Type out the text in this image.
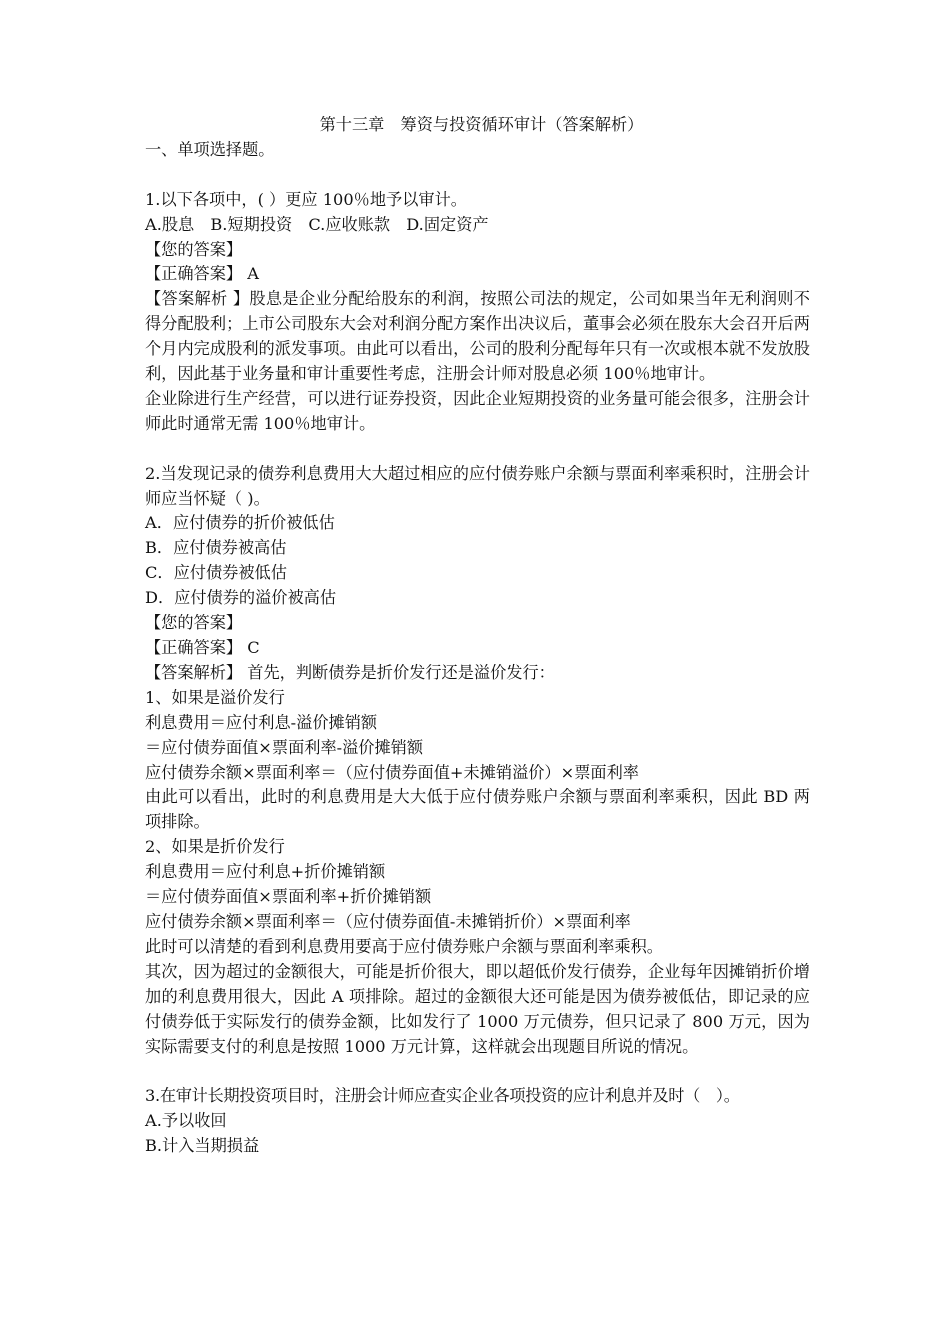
第十三章　筹资与投资循环审计（答案解析）

一、单项选择题。

1.以下各项中，( ）更应 100％地予以审计。

A.股息　B.短期投资　C.应收账款　D.固定资产

【您的答案】

【正确答案】 A

【答案解析 】股息是企业分配给股东的利润，按照公司法的规定，公司如果当年无利润则不得分配股利；上市公司股东大会对利润分配方案作出决议后，董事会必须在股东大会召开后两个月内完成股利的派发事项。由此可以看出，公司的股利分配每年只有一次或根本就不发放股利，因此基于业务量和审计重要性考虑，注册会计师对股息必须 100％地审计。

企业除进行生产经营，可以进行证券投资，因此企业短期投资的业务量可能会很多，注册会计师此时通常无需 100％地审计。

2.当发现记录的债券利息费用大大超过相应的应付债券账户余额与票面利率乘积时，注册会计师应当怀疑（ )。

A．应付债券的折价被低估

B．应付债券被高估

C．应付债券被低估

D．应付债券的溢价被高估

【您的答案】

【正确答案】 C

【答案解析】 首先，判断债券是折价发行还是溢价发行：

1、如果是溢价发行

利息费用＝应付利息-溢价摊销额

＝应付债券面值×票面利率-溢价摊销额

应付债券余额×票面利率＝（应付债券面值+未摊销溢价）×票面利率

由此可以看出，此时的利息费用是大大低于应付债券账户余额与票面利率乘积，因此 BD 两项排除。

2、如果是折价发行

利息费用＝应付利息+折价摊销额

＝应付债券面值×票面利率+折价摊销额

应付债券余额×票面利率＝（应付债券面值-未摊销折价）×票面利率

此时可以清楚的看到利息费用要高于应付债券账户余额与票面利率乘积。

其次，因为超过的金额很大，可能是折价很大，即以超低价发行债券，企业每年因摊销折价增加的利息费用很大，因此 A 项排除。超过的金额很大还可能是因为债券被低估，即记录的应付债券低于实际发行的债券金额，比如发行了 1000 万元债券，但只记录了 800 万元，因为实际需要支付的利息是按照 1000 万元计算，这样就会出现题目所说的情况。

3.在审计长期投资项目时，注册会计师应查实企业各项投资的应计利息并及时（　）。

A.予以收回

B.计入当期损益
